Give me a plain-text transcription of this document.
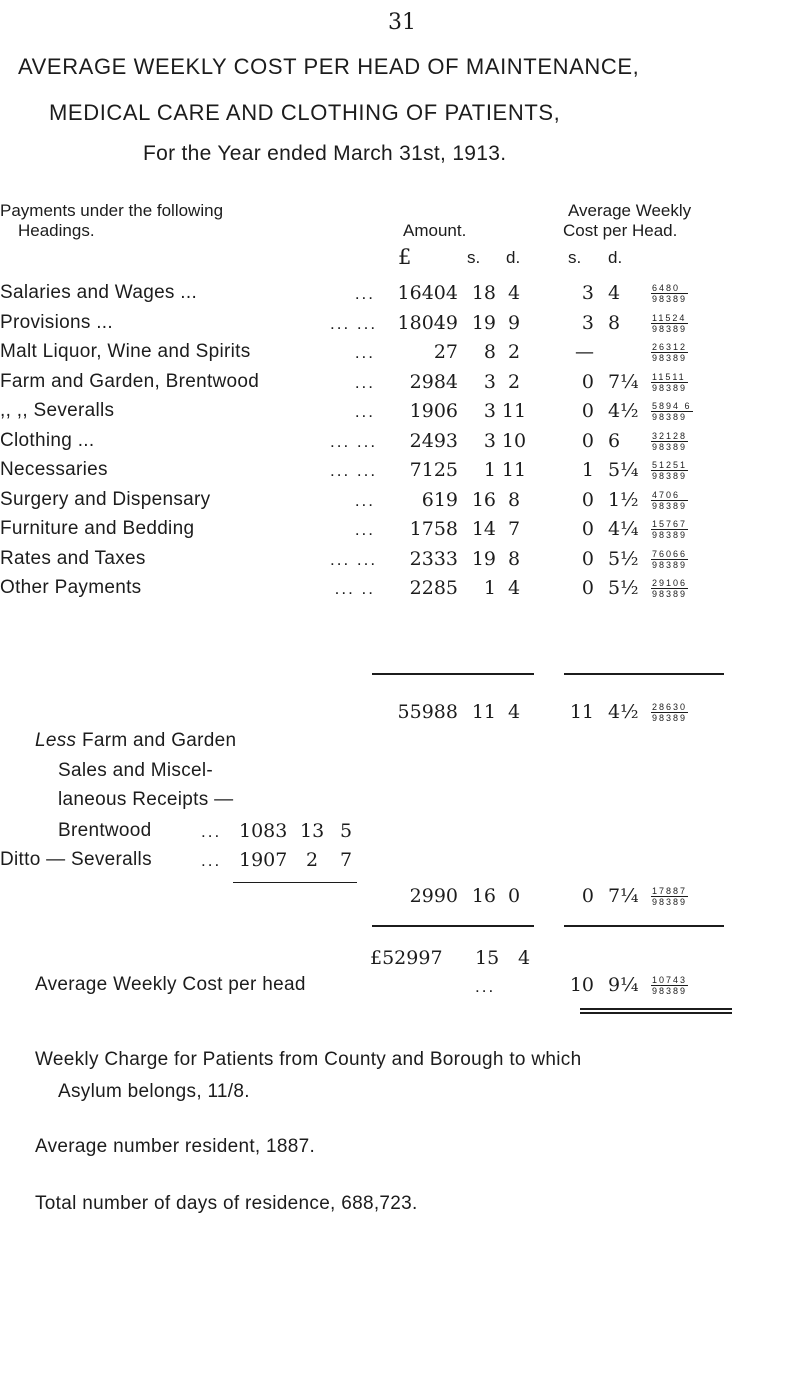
31
AVERAGE WEEKLY COST PER HEAD OF MAINTENANCE,
MEDICAL CARE AND CLOTHING OF PATIENTS,
For the Year ended March 31st, 1913.
Payments under the following
Headings.	Amount.
Average Weekly
Cost per Head.
£	s. d.	s. d.
Salaries and Wages ...	...	16404 18 4	3 4	$\frac{6480}{98389}$
Provisions ...	... ...	18049 19 9	3 8	$\frac{11524}{98389}$
Malt Liquor, Wine and Spirits	...	27	8 2	—	$\frac{26312}{98389}$
Farm and Garden, Brentwood	...	2984	3 2	0 7¼ $\frac{11511}{98389}$
,, ,, Severalls	...	1906	3 11	0 4½ $\frac{5894 6}{98389}$
Clothing ...	... ...	2493	3 10	0 6	$\frac{32128}{98389}$
Necessaries	... ...	7125	1 11	1 5¼ $\frac{51251}{98389}$
Surgery and Dispensary	...	619 16 8	0 1½ $\frac{4706}{98389}$
Furniture and Bedding	...	1758 14 7	0 4¼ $\frac{15767}{98389}$
Rates and Taxes	... ...	2333 19 8	0 5½ $\frac{76066}{98389}$
Other Payments	... ..	2285	1 4	0 5½ $\frac{29106}{98389}$
55988 11 4	11 4½ $\frac{28630}{98389}$
Less Farm and Garden
Sales and Miscel-
laneous Receipts —
Brentwood	... 1083 13 5
Ditto — Severalls	... 1907 2 7
2990 16 0	0 7¼ $\frac{17887}{98389}$
£52997 15 4
Average Weekly Cost per head	...	10 9¼ $\frac{10743}{98389}$
Weekly Charge for Patients from County and Borough to which
Asylum belongs, 11/8.
Average number resident, 1887.
Total number of days of residence, 688,723.
